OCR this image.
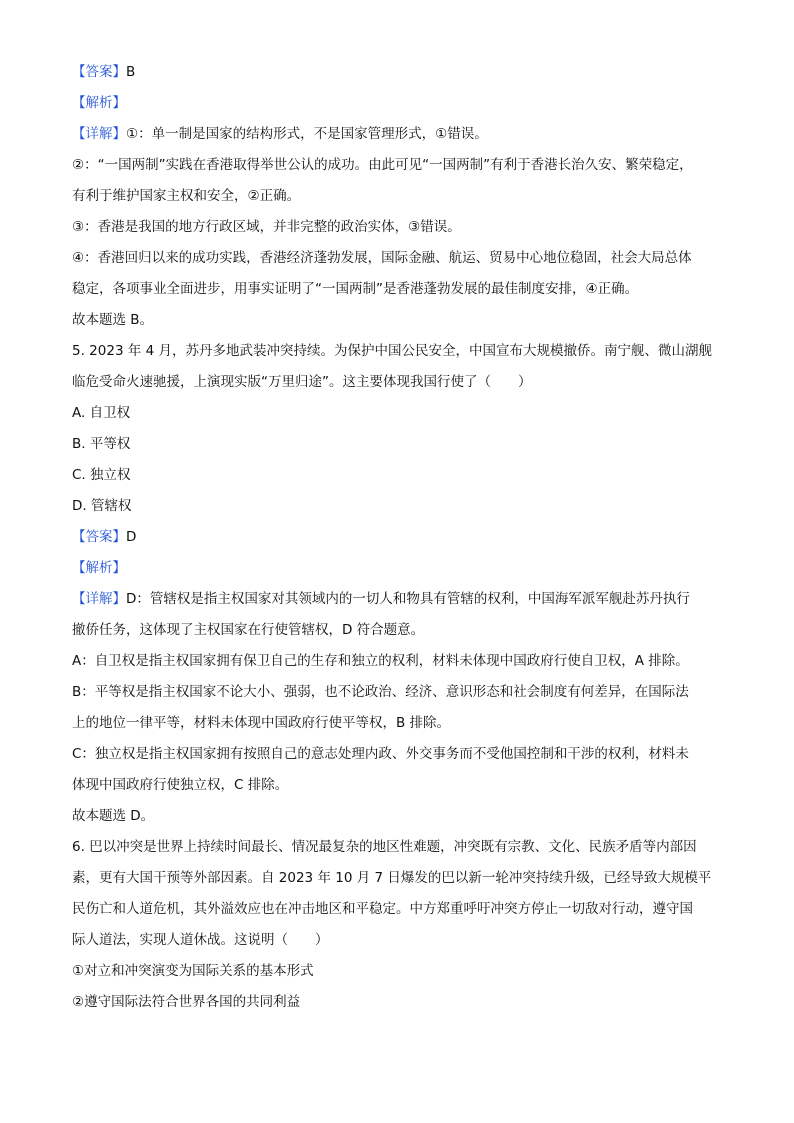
【答案】B
【解析】
【详解】①：单一制是国家的结构形式，不是国家管理形式，①错误。
②：“一国两制”实践在香港取得举世公认的成功。由此可见“一国两制”有利于香港长治久安、繁荣稳定，
有利于维护国家主权和安全，②正确。
③：香港是我国的地方行政区域，并非完整的政治实体，③错误。
④：香港回归以来的成功实践，香港经济蓬勃发展，国际金融、航运、贸易中心地位稳固，社会大局总体
稳定，各项事业全面进步，用事实证明了“一国两制”是香港蓬勃发展的最佳制度安排，④正确。
故本题选 B。
5. 2023 年 4 月，苏丹多地武装冲突持续。为保护中国公民安全，中国宣布大规模撤侨。南宁舰、微山湖舰
临危受命火速驰援，上演现实版“万里归途”。这主要体现我国行使了（　　）
A. 自卫权
B. 平等权
C. 独立权
D. 管辖权
【答案】D
【解析】
【详解】D：管辖权是指主权国家对其领域内的一切人和物具有管辖的权利，中国海军派军舰赴苏丹执行
撤侨任务，这体现了主权国家在行使管辖权，D 符合题意。
A：自卫权是指主权国家拥有保卫自己的生存和独立的权利，材料未体现中国政府行使自卫权，A 排除。
B：平等权是指主权国家不论大小、强弱，也不论政治、经济、意识形态和社会制度有何差异，在国际法
上的地位一律平等，材料未体现中国政府行使平等权，B 排除。
C：独立权是指主权国家拥有按照自己的意志处理内政、外交事务而不受他国控制和干涉的权利，材料未
体现中国政府行使独立权，C 排除。
故本题选 D。
6. 巴以冲突是世界上持续时间最长、情况最复杂的地区性难题，冲突既有宗教、文化、民族矛盾等内部因
素，更有大国干预等外部因素。自 2023 年 10 月 7 日爆发的巴以新一轮冲突持续升级，已经导致大规模平
民伤亡和人道危机，其外溢效应也在冲击地区和平稳定。中方郑重呼吁冲突方停止一切敌对行动，遵守国
际人道法，实现人道休战。这说明（　　）
①对立和冲突演变为国际关系的基本形式
②遵守国际法符合世界各国的共同利益
